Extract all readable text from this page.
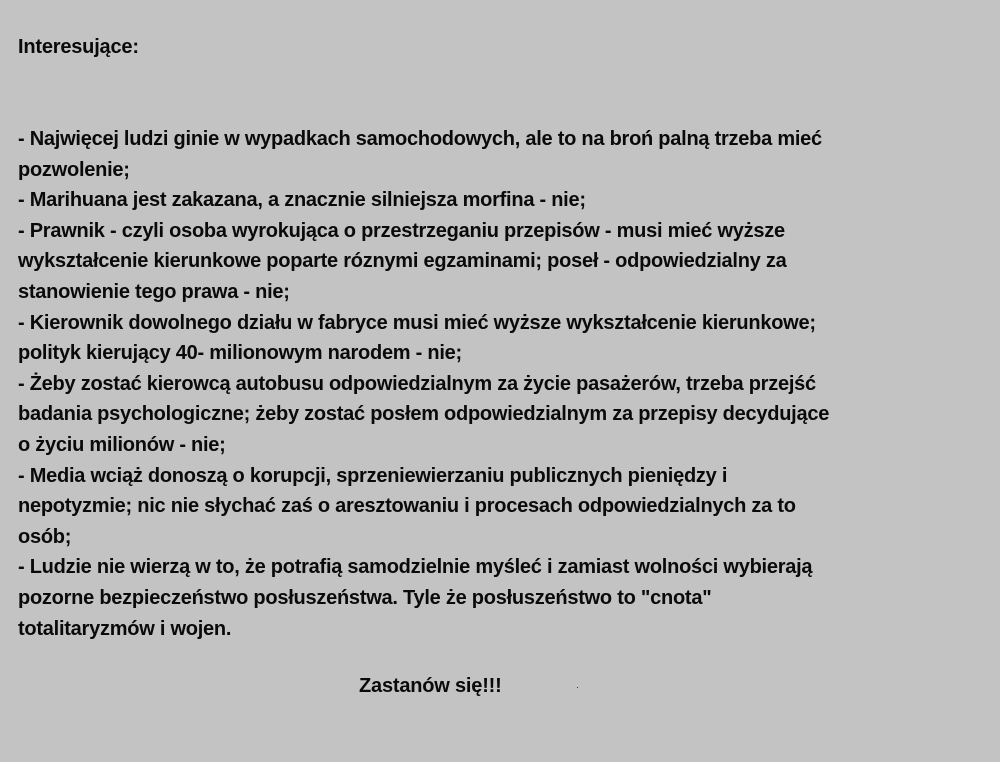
Interesujące:
- Najwięcej ludzi ginie w wypadkach samochodowych, ale to na broń palną trzeba mieć
pozwolenie;
- Marihuana jest zakazana, a znacznie silniejsza morfina - nie;
- Prawnik - czyli osoba wyrokująca o przestrzeganiu przepisów - musi mieć wyższe
wykształcenie kierunkowe poparte róznymi egzaminami; poseł - odpowiedzialny za
stanowienie tego prawa - nie;
- Kierownik dowolnego działu w fabryce musi mieć wyższe wykształcenie kierunkowe;
polityk kierujący 40- milionowym narodem - nie;
- Żeby zostać kierowcą autobusu odpowiedzialnym za życie pasażerów, trzeba przejść
badania psychologiczne; żeby zostać posłem odpowiedzialnym za przepisy decydujące
o życiu milionów - nie;
- Media wciąż donoszą o korupcji, sprzeniewierzaniu publicznych pieniędzy i
nepotyzmie; nic nie słychać zaś o aresztowaniu i procesach odpowiedzialnych za to
osób;
- Ludzie nie wierzą w to, że potrafią samodzielnie myśleć i zamiast wolności wybierają
pozorne bezpieczeństwo posłuszeństwa. Tyle że posłuszeństwo to "cnota"
totalitaryzmów i wojen.
Zastanów się!!!
